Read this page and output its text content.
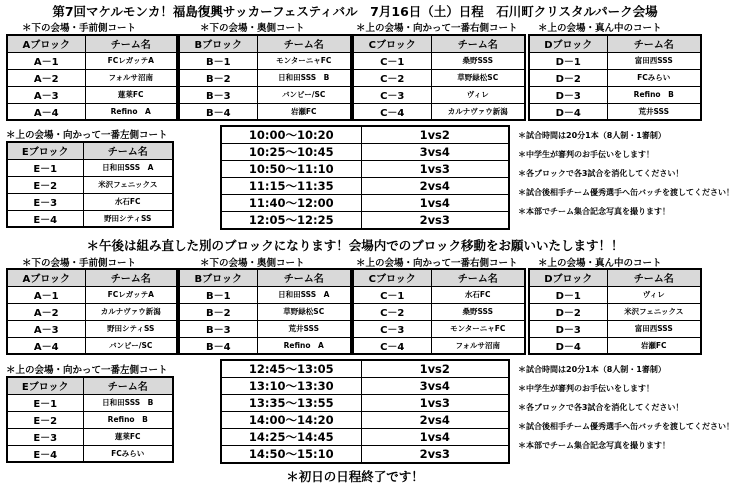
第7回マケルモンカ！福島復興サッカーフェスティバル　7月16日（土）日程　石川町クリスタルパーク会場
＊下の会場・手前側コート	＊下の会場・奥側コート	＊上の会場・向かって一番右側コート ＊上の会場・真ん中のコート
Aブロック	チーム名
A－1	FCレガッテA
A－2	フォルサ沼南
A－3	蓮莱FC
A－4	Refino　A
Bブロック	チーム名
B－1	モンターニャFC
B－2	日和田SSS　B
B－3	バンビー/SC
B－4	岩瀬FC
Cブロック	チーム名
C－1	桑野SSS
C－2	草野緑松SC
C－3	ヴィレ
C－4	カルナヴァウ新潟
Dブロック	チーム名
D－1	富田西SSS
D－2	FCみらい
D－3	Refino　B
D－4	荒井SSS
＊上の会場・向かって一番左側コート
Eブロック	チーム名
E－1	日和田SSS　A
E－2	米沢フェニックス
E－3	水石FC
E－4	野田シティSS
10:00～10:20	1vs2
10:25～10:45	3vs4
10:50～11:10	1vs3
11:15～11:35	2vs4
11:40～12:00	1vs4
12:05～12:25	2vs3
＊試合時間は20分1本（8人制・1審制）
＊中学生が審判のお手伝いをします！
＊各ブロックで各3試合を消化してください！
＊試合後相手チーム優秀選手へ缶バッチを渡してください！
＊本部でチーム集合記念写真を撮ります！
＊午後は組み直した別のブロックになります！会場内でのブロック移動をお願いいたします！！
＊下の会場・手前側コート	＊下の会場・奥側コート	＊上の会場・向かって一番右側コート ＊上の会場・真ん中のコート
Aブロック	チーム名
A－1	FCレガッテA
A－2	カルナヴァウ新潟
A－3	野田シティSS
A－4	バンビー/SC
Bブロック	チーム名
B－1	日和田SSS　A
B－2	草野緑松SC
B－3	荒井SSS
B－4	Refino　A
Cブロック	チーム名
C－1	水石FC
C－2	桑野SSS
C－3	モンターニャFC
C－4	フォルサ沼南
Dブロック	チーム名
D－1	ヴィレ
D－2	米沢フェニックス
D－3	富田西SSS
D－4	岩瀬FC
＊上の会場・向かって一番左側コート
Eブロック	チーム名
E－1	日和田SSS　B
E－2	Refino　B
E－3	蓮莱FC
E－4	FCみらい
12:45～13:05	1vs2
13:10～13:30	3vs4
13:35～13:55	1vs3
14:00～14:20	2vs4
14:25～14:45	1vs4
14:50～15:10	2vs3
＊試合時間は20分1本（8人制・1審制）
＊中学生が審判のお手伝いをします！
＊各ブロックで各3試合を消化してください！
＊試合後相手チーム優秀選手へ缶バッチを渡してください！
＊本部でチーム集合記念写真を撮ります！
＊初日の日程終了です！
